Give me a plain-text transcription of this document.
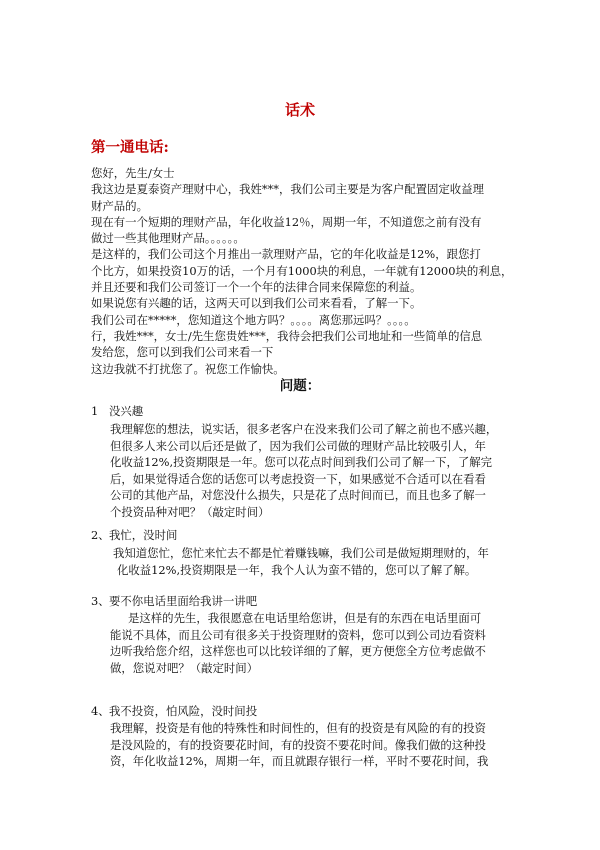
话术
第一通电话:

您好，先生/女士

我这边是夏泰资产理财中心，我姓***，我们公司主要是为客户配置固定收益理

财产品的。

现在有一个短期的理财产品，年化收益12％，周期一年，不知道您之前有没有

做过一些其他理财产品。。。。。。

是这样的，我们公司这个月推出一款理财产品，它的年化收益是12%，跟您打

个比方，如果投资10万的话，一个月有1000块的利息，一年就有12000块的利息，

并且还要和我们公司签订一个一个年的法律合同来保障您的利益。

如果说您有兴趣的话，这两天可以到我们公司来看看，了解一下。

我们公司在*****，您知道这个地方吗？。。。。离您那远吗？。。。。

行，我姓***，女士/先生您贵姓***，我待会把我们公司地址和一些简单的信息

发给您，您可以到我们公司来看一下

这边我就不打扰您了。祝您工作愉快。

问题：
1 没兴趣

我理解您的想法，说实话，很多老客户在没来我们公司了解之前也不感兴趣，

但很多人来公司以后还是做了，因为我们公司做的理财产品比较吸引人，年

化收益12%,投资期限是一年。您可以花点时间到我们公司了解一下，了解完

后，如果觉得适合您的话您可以考虑投资一下，如果感觉不合适可以在看看

公司的其他产品，对您没什么损失，只是花了点时间而已，而且也多了解一

个投资品种对吧？（敲定时间）

2、我忙，没时间

我知道您忙，您忙来忙去不都是忙着赚钱嘛，我们公司是做短期理财的，年

化收益12%,投资期限是一年，我个人认为蛮不错的，您可以了解了解。

3、要不你电话里面给我讲一讲吧

是这样的先生，我很愿意在电话里给您讲，但是有的东西在电话里面可

能说不具体，而且公司有很多关于投资理财的资料，您可以到公司边看资料

边听我给您介绍，这样您也可以比较详细的了解，更方便您全方位考虑做不

做，您说对吧？（敲定时间）

4、我不投资，怕风险，没时间投

我理解，投资是有他的特殊性和时间性的，但有的投资是有风险的有的投资

是没风险的，有的投资要花时间，有的投资不要花时间。像我们做的这种投

资，年化收益12%，周期一年，而且就跟存银行一样，平时不要花时间，我
